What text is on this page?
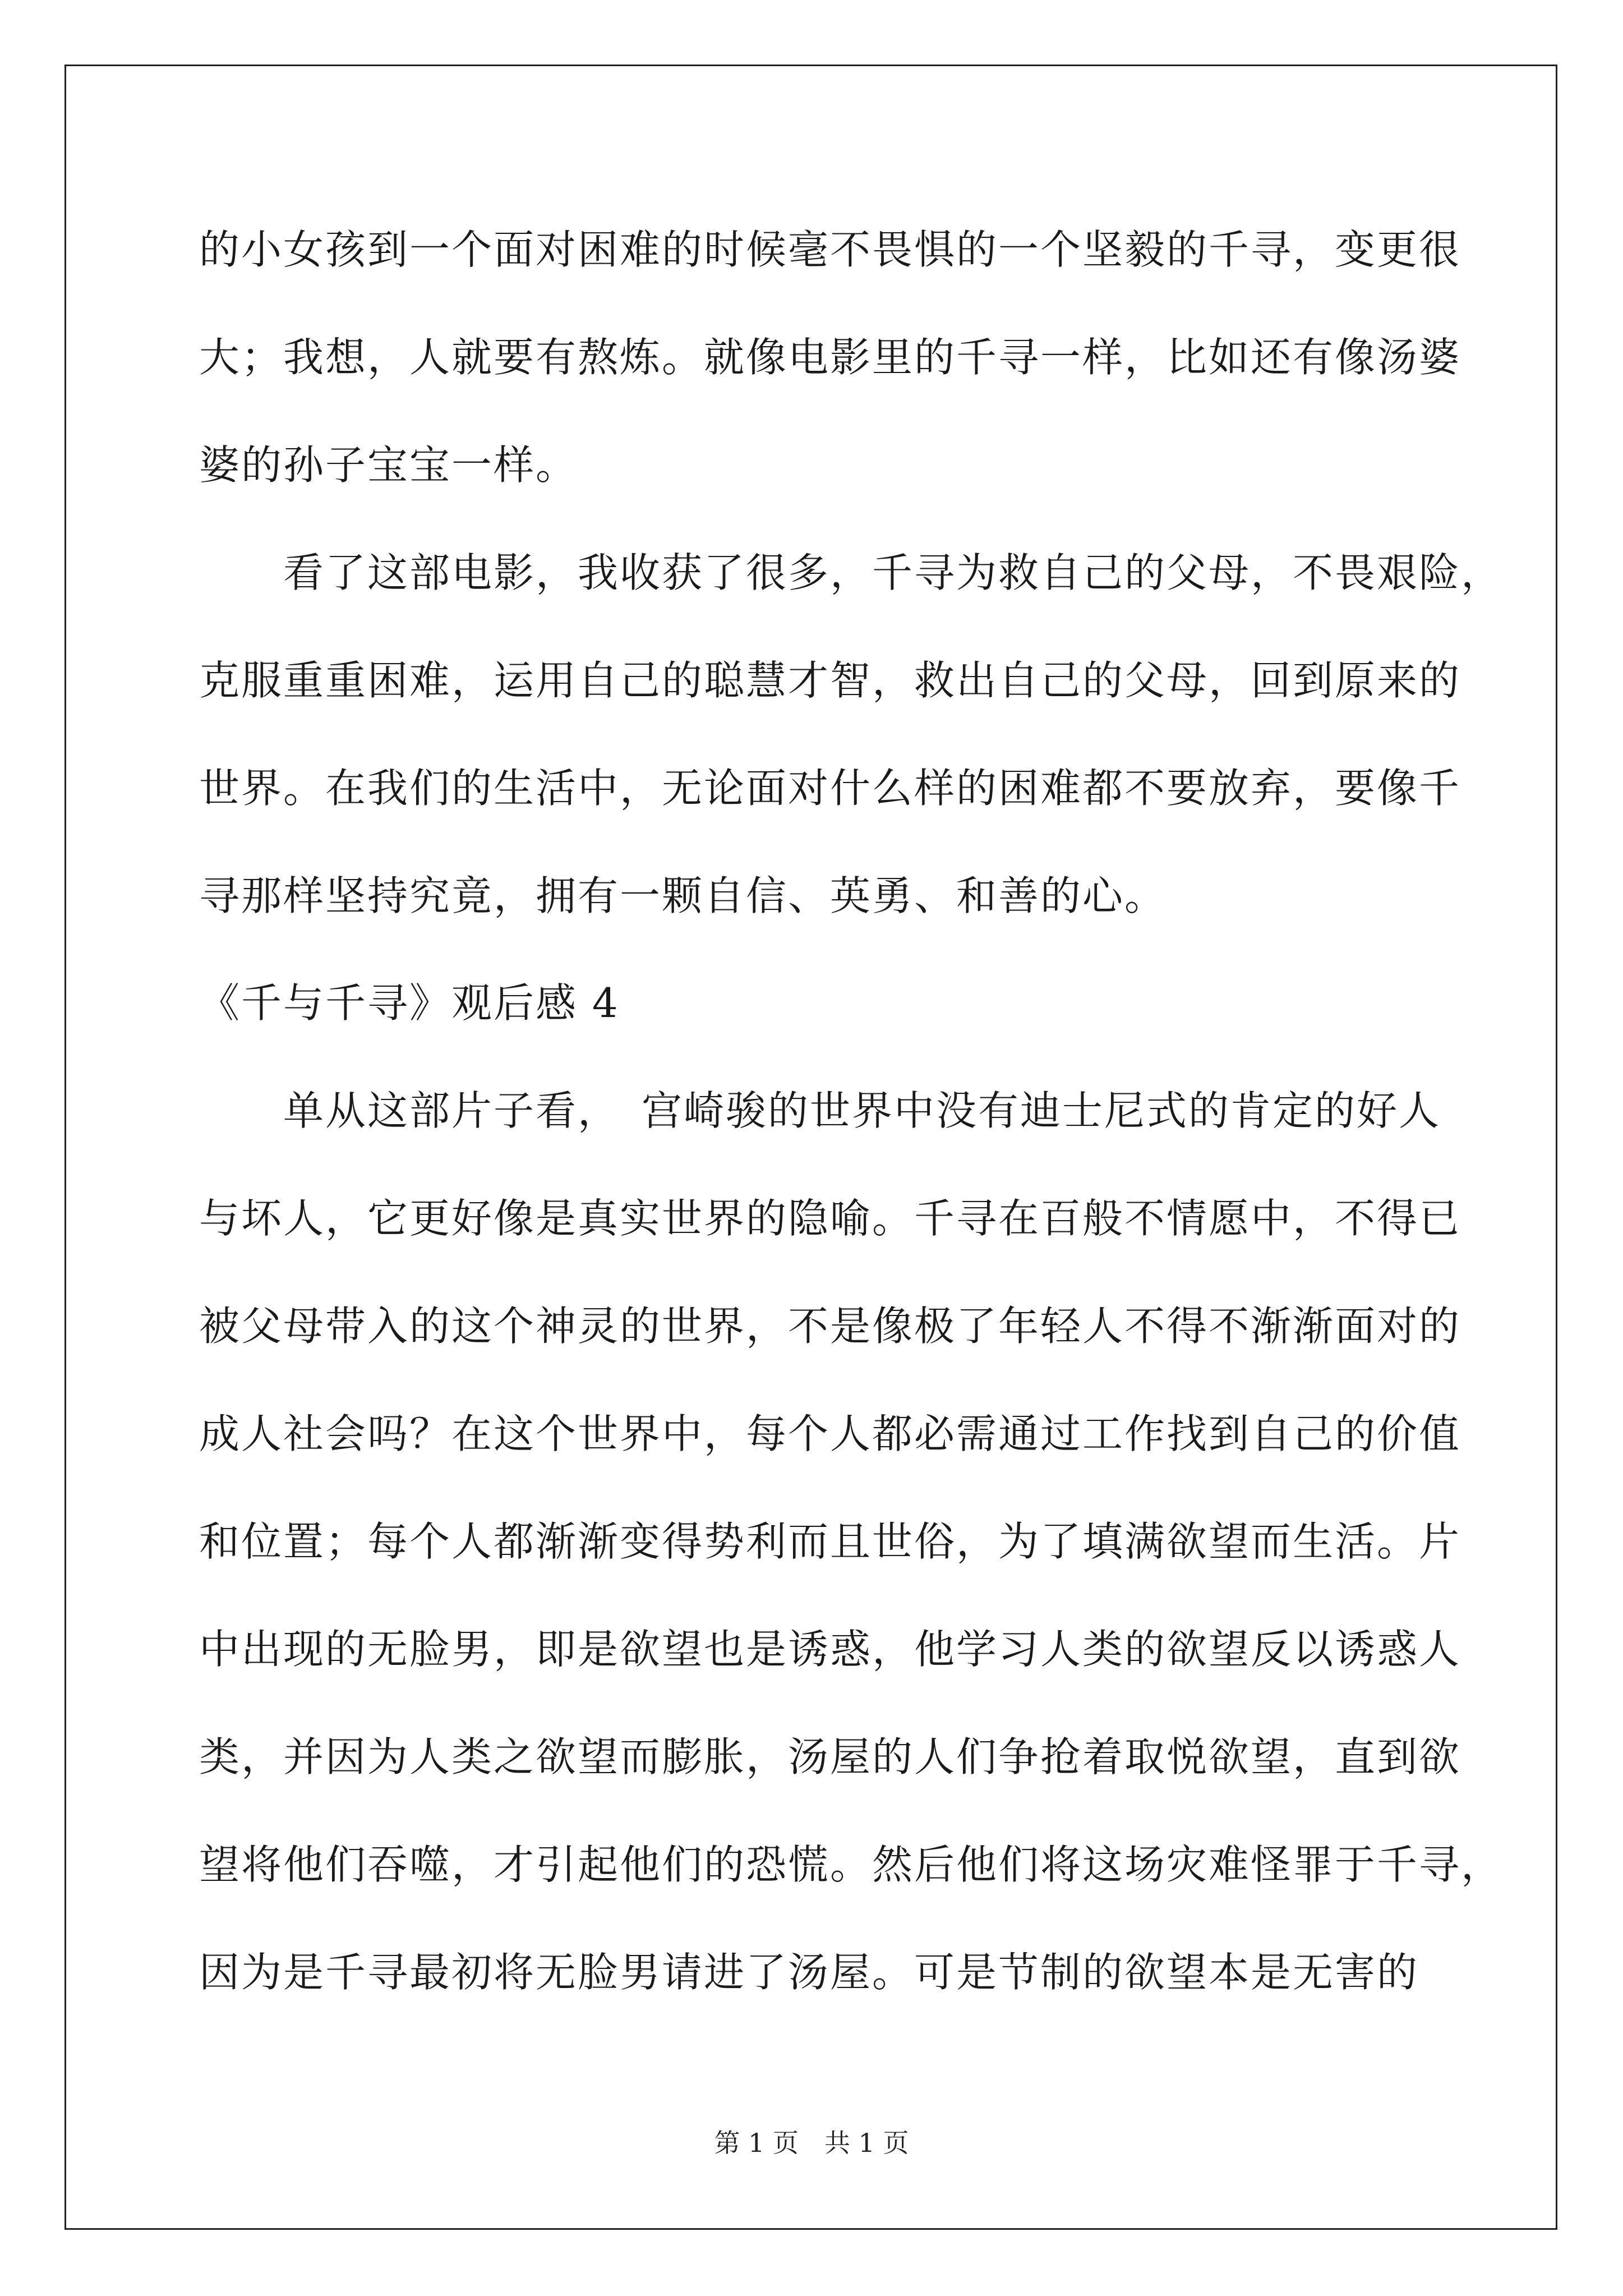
的小女孩到一个面对困难的时候毫不畏惧的一个坚毅的千寻，变更很
大；我想，人就要有熬炼。就像电影里的千寻一样，比如还有像汤婆
婆的孙子宝宝一样。
　　看了这部电影，我收获了很多，千寻为救自己的父母，不畏艰险，
克服重重困难，运用自己的聪慧才智，救出自己的父母，回到原来的
世界。在我们的生活中，无论面对什么样的困难都不要放弃，要像千
寻那样坚持究竟，拥有一颗自信、英勇、和善的心。
《千与千寻》观后感 4
　　单从这部片子看，　宫崎骏的世界中没有迪士尼式的肯定的好人
与坏人，它更好像是真实世界的隐喻。千寻在百般不情愿中，不得已
被父母带入的这个神灵的世界，不是像极了年轻人不得不渐渐面对的
成人社会吗？在这个世界中，每个人都必需通过工作找到自己的价值
和位置；每个人都渐渐变得势利而且世俗，为了填满欲望而生活。片
中出现的无脸男，即是欲望也是诱惑，他学习人类的欲望反以诱惑人
类，并因为人类之欲望而膨胀，汤屋的人们争抢着取悦欲望，直到欲
望将他们吞噬，才引起他们的恐慌。然后他们将这场灾难怪罪于千寻，
因为是千寻最初将无脸男请进了汤屋。可是节制的欲望本是无害的
第 1 页　共 1 页
